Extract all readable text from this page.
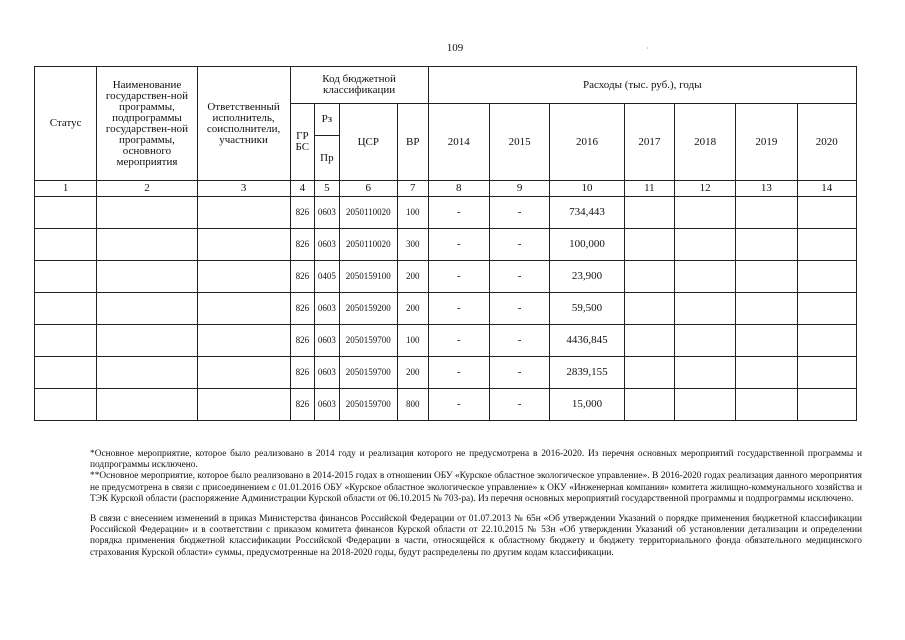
109	·
Статус	Наименование государствен-ной программы, подпрограммы государствен-ной программы, основного мероприятия	Ответственный исполнитель, соисполнители, участники	Код бюджетной классификации				Расходы (тыс. руб.), годы						
			ГР БС	Рз	ЦСР	ВР	2014	2015	2016	2017	2018	2019	2020
				Пр									
1	2	3	4	5	6	7	8	9	10	11	12	13	14
			826	0603	2050110020	100	-	-	734,443				
			826	0603	2050110020	300	-	-	100,000				
			826	0405	2050159100	200	-	-	23,900				
			826	0603	2050159200	200	-	-	59,500				
			826	0603	2050159700	100	-	-	4436,845				
			826	0603	2050159700	200	-	-	2839,155				
			826	0603	2050159700	800	-	-	15,000				

*Основное мероприятие, которое было реализовано в 2014 году и реализация которого не предусмотрена в 2016-2020. Из перечня основных мероприятий государственной программы и подпрограммы исключено.

**Основное мероприятие, которое было реализовано в 2014-2015 годах в отношении ОБУ «Курское областное экологическое управление». В 2016-2020 годах реализация данного мероприятия не предусмотрена в связи с присоединением с 01.01.2016 ОБУ «Курское областное экологическое управление» к ОКУ «Инженерная компания» комитета жилищно-коммунального хозяйства и ТЭК Курской области (распоряжение Администрации Курской области от 06.10.2015 № 703-ра). Из перечня основных мероприятий государственной программы и подпрограммы исключено.

В связи с внесением изменений в приказ Министерства финансов Российской Федерации от 01.07.2013 № 65н «Об утверждении Указаний о порядке применения бюджетной классификации Российской Федерации» и в соответствии с приказом комитета финансов Курской области от 22.10.2015 № 53н «Об утверждении Указаний об установлении детализации и определении порядка применения бюджетной классификации Российской Федерации в части, относящейся к областному бюджету и бюджету территориального фонда обязательного медицинского страхования Курской области» суммы, предусмотренные на 2018-2020 годы, будут распределены по другим кодам классификации.
